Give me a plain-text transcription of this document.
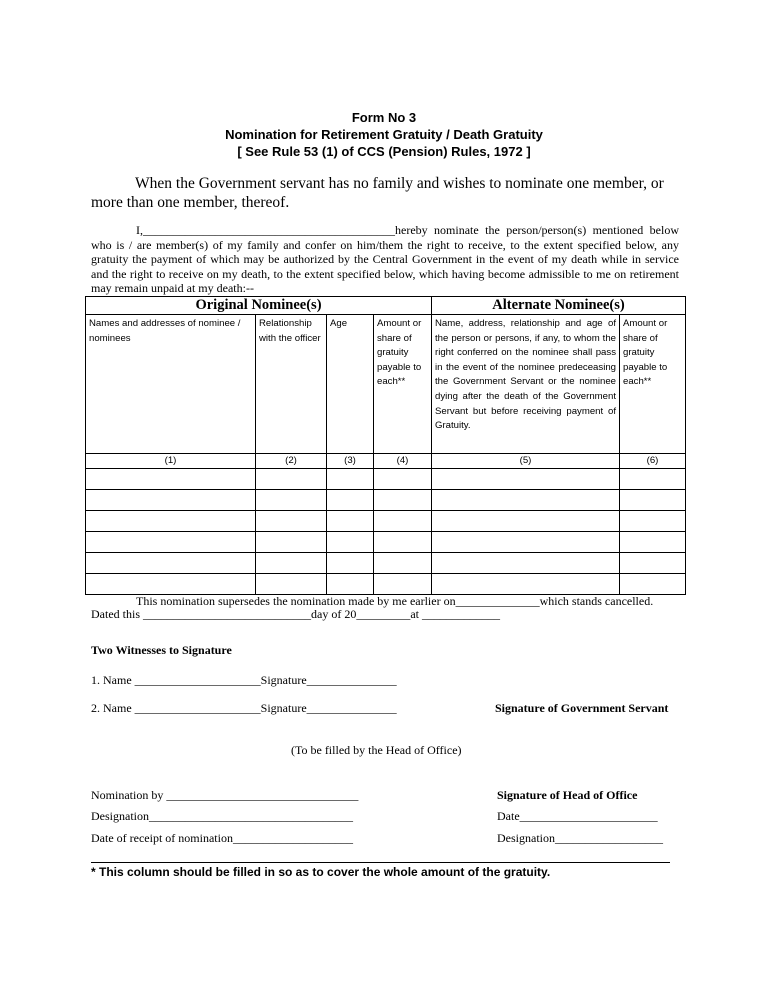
Form No 3
Nomination for Retirement Gratuity / Death Gratuity
[ See Rule 53 (1) of CCS (Pension) Rules, 1972 ]
When the Government servant has no family and wishes to nominate one member, or more than one member, thereof.
I,__________________________________________hereby nominate the person/person(s) mentioned below who is / are member(s) of my family and confer on him/them the right to receive, to the extent specified below, any gratuity the payment of which may be authorized by the Central Government in the event of my death while in service and the right to receive on my death, to the extent specified below, which having become admissible to me on retirement may remain unpaid at my death:--
Original Nominee(s)				Alternate Nominee(s)	
Names and addresses of nominee / nominees	Relationship with the officer	Age	Amount or share of gratuity payable to each**	Name, address, relationship and age of the person or persons, if any, to whom the right conferred on the nominee shall pass in the event of the nominee predeceasing the Government Servant or the nominee dying after the death of the Government Servant but before receiving payment of Gratuity.	Amount or share of gratuity payable to each**
(1)	(2)	(3)	(4)	(5)	(6)

This nomination supersedes the nomination made by me earlier on______________which stands cancelled.
Dated this ____________________________day of 20_________at _____________
Two Witnesses to Signature
1. Name _____________________Signature_______________
2. Name _____________________Signature_______________	Signature of Government Servant
(To be filled by the Head of Office)
Nomination by ________________________________
Designation__________________________________
Date of receipt of nomination____________________
Signature of Head of Office
Date_______________________
Designation__________________
* This column should be filled in so as to cover the whole amount of the gratuity.
